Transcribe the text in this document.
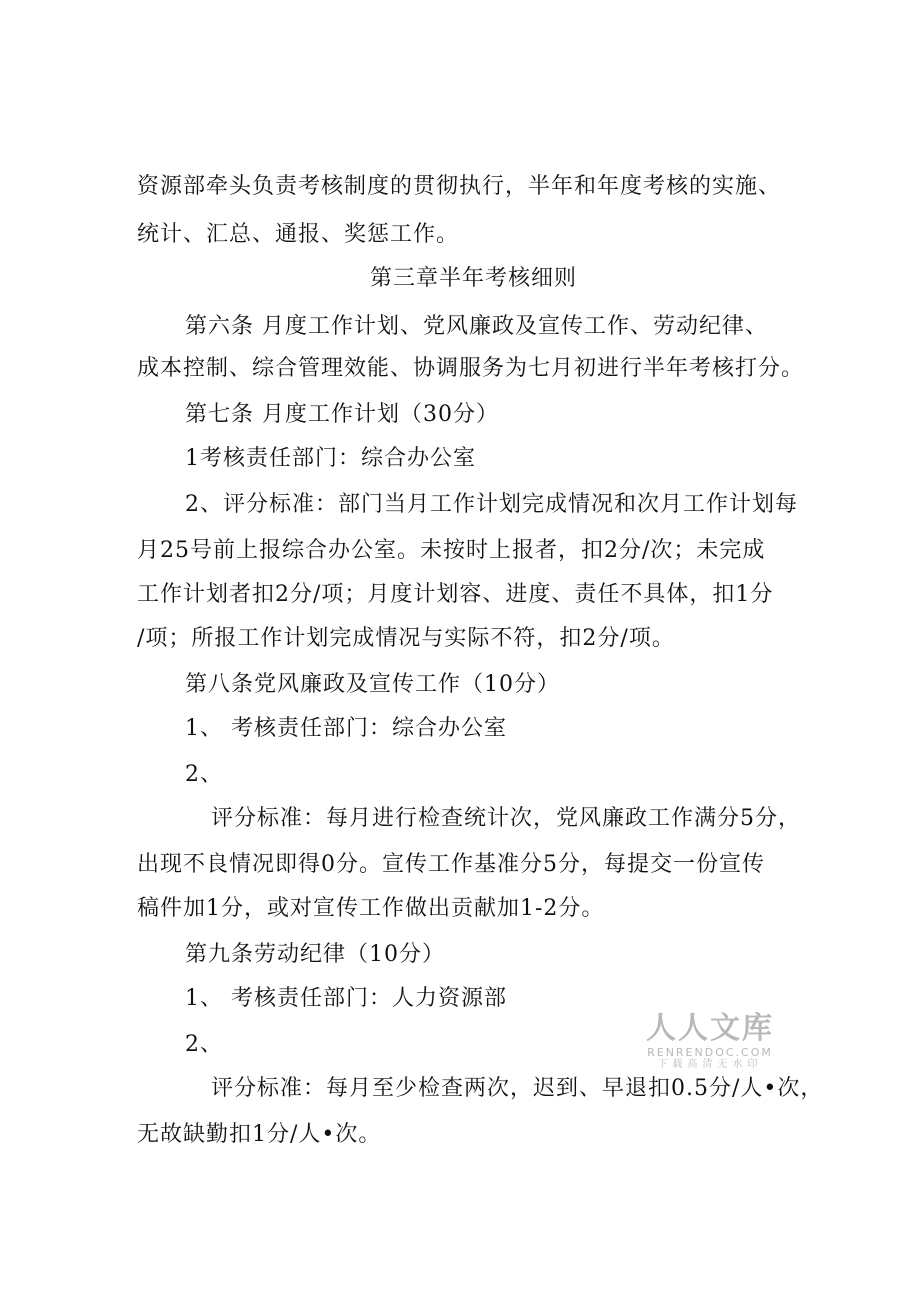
资源部牵头负责考核制度的贯彻执行，半年和年度考核的实施、
统计、汇总、通报、奖惩工作。
第三章半年考核细则
第六条 月度工作计划、党风廉政及宣传工作、劳动纪律、
成本控制、综合管理效能、协调服务为七月初进行半年考核打分。
第七条 月度工作计划（30分）
1考核责任部门：综合办公室
2、评分标准：部门当月工作计划完成情况和次月工作计划每
月25号前上报综合办公室。未按时上报者，扣2分/次；未完成
工作计划者扣2分/项；月度计划容、进度、责任不具体，扣1分
/项；所报工作计划完成情况与实际不符，扣2分/项。
第八条党风廉政及宣传工作（10分）
1、 考核责任部门：综合办公室
2、
评分标准：每月进行检查统计次，党风廉政工作满分5分，
出现不良情况即得0分。宣传工作基准分5分，每提交一份宣传
稿件加1分，或对宣传工作做出贡献加1-2分。
第九条劳动纪律（10分）
1、 考核责任部门：人力资源部
2、
评分标准：每月至少检查两次，迟到、早退扣0.5分/人•次，
无故缺勤扣1分/人•次。
人人文库
RENRENDOC.COM
下载高清无水印
